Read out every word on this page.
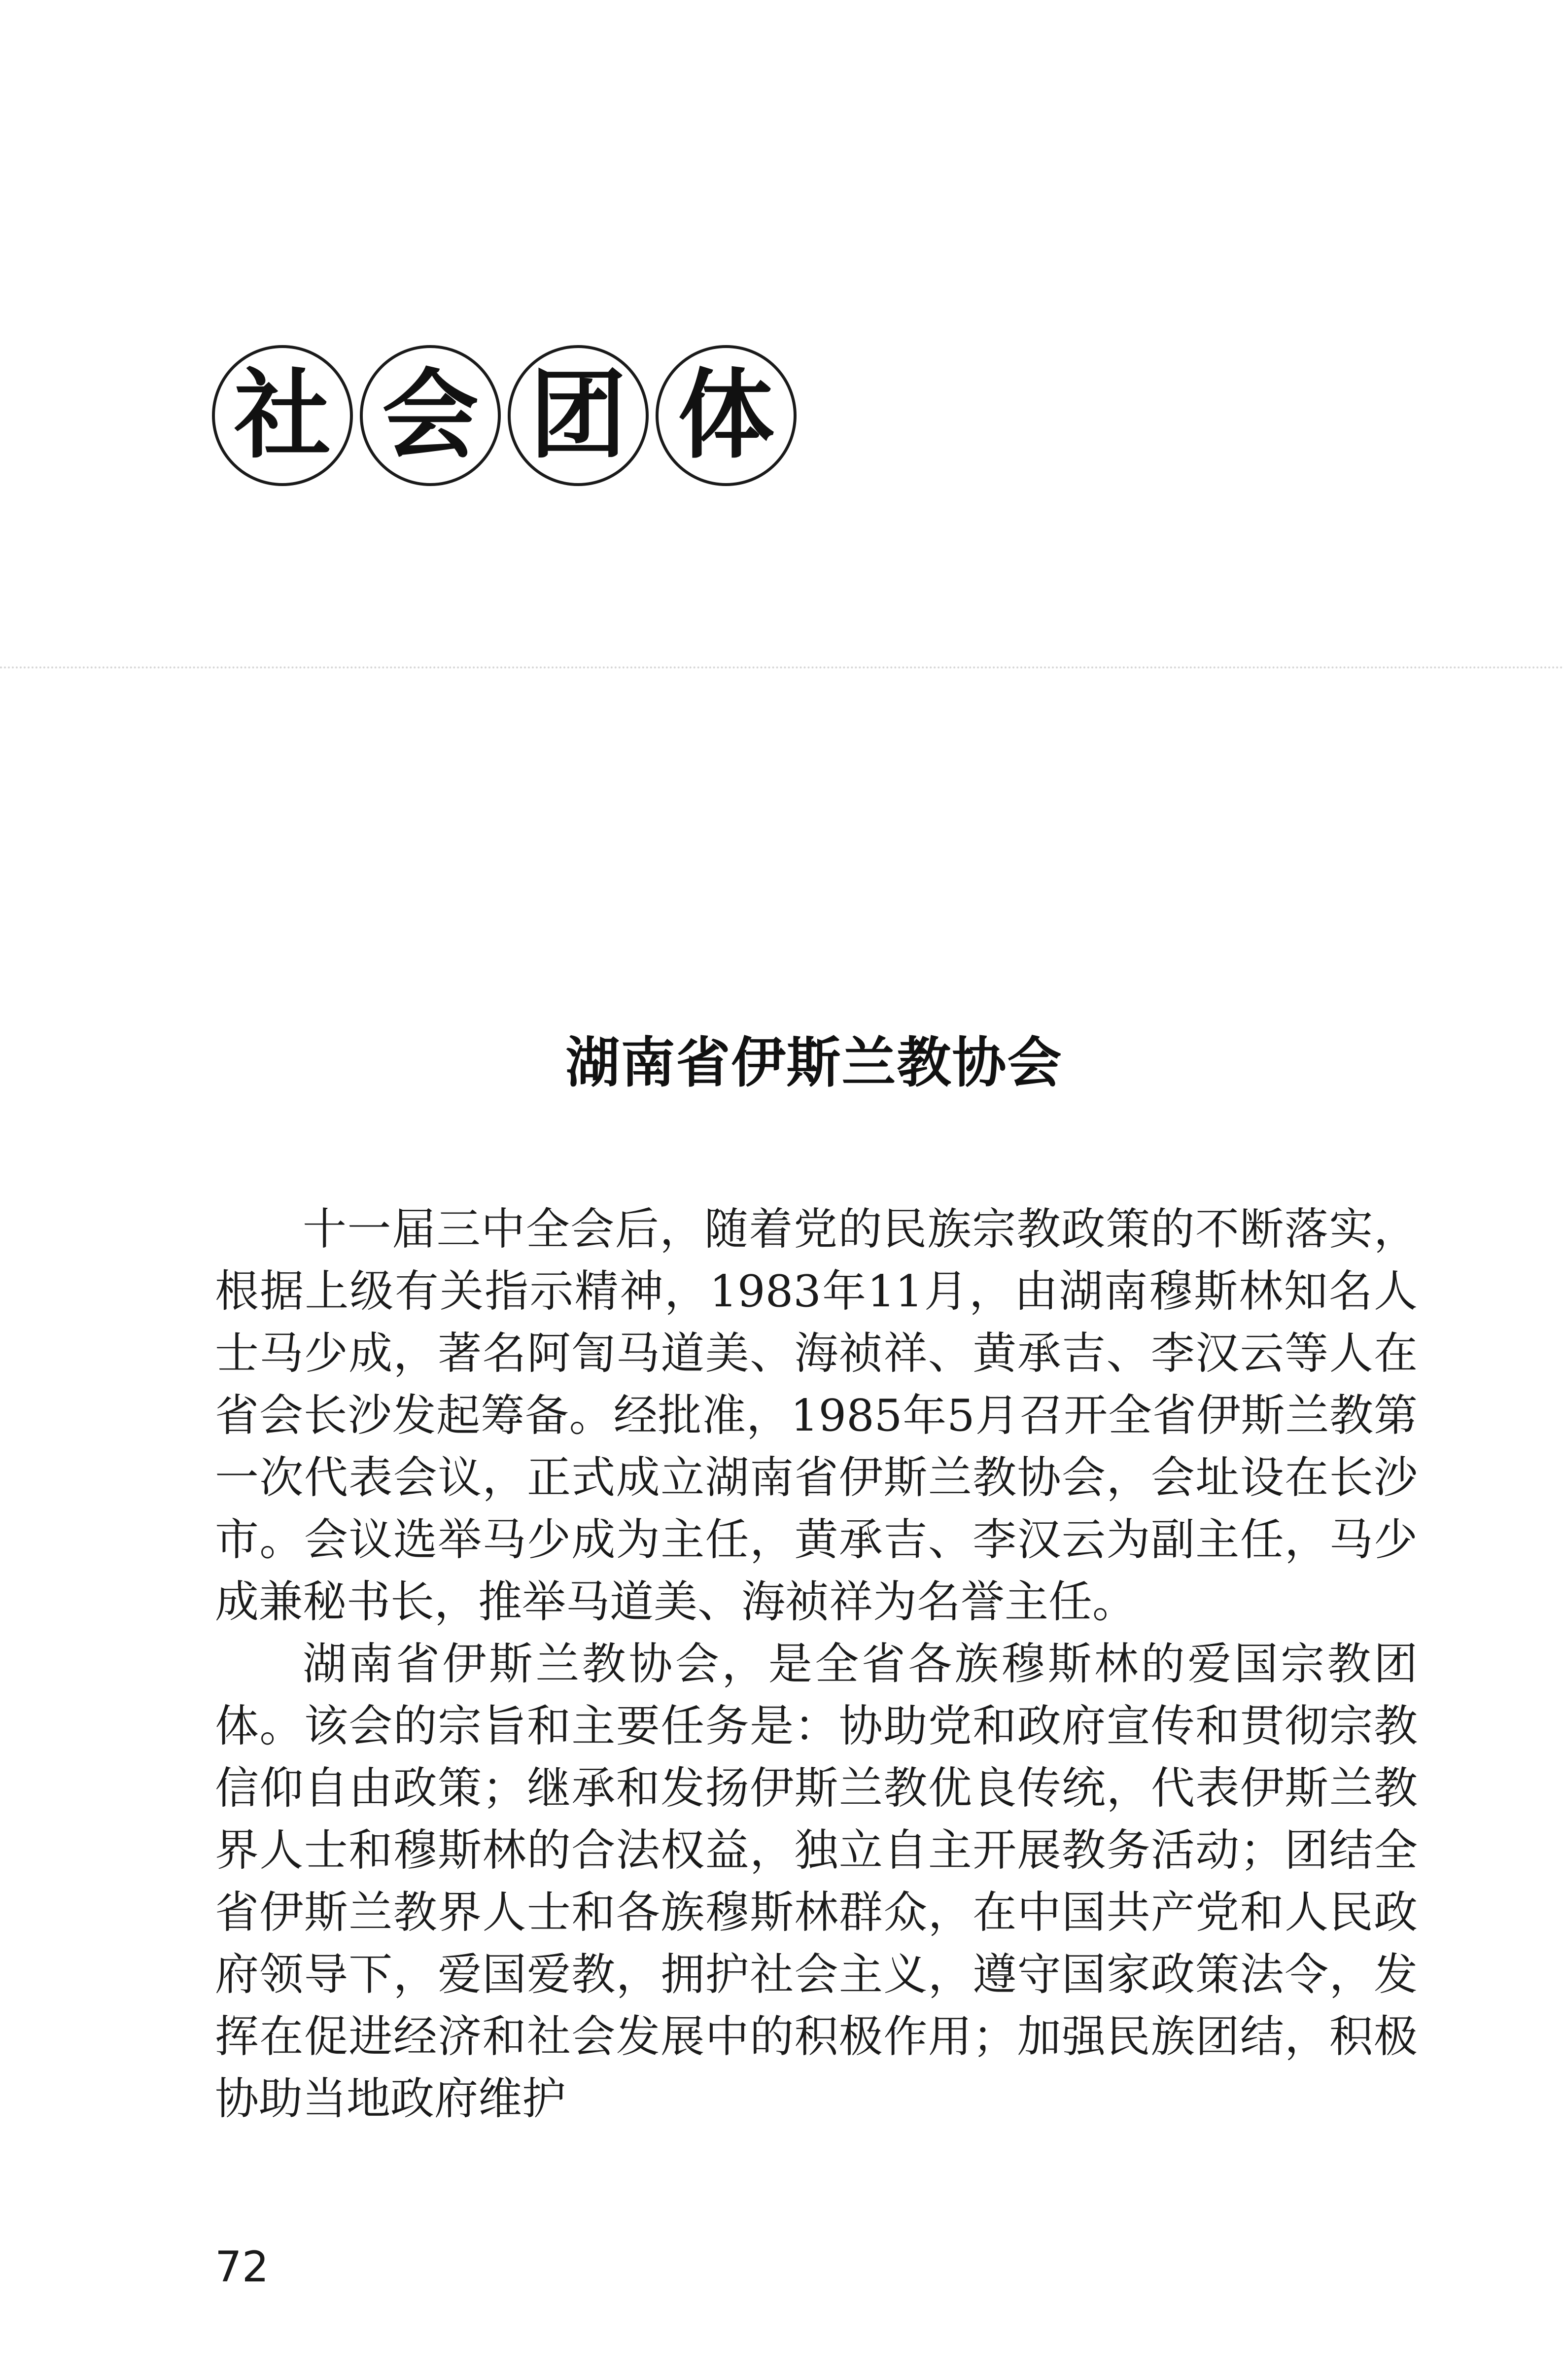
社 会 团 体
湖南省伊斯兰教协会

十一届三中全会后，随着党的民族宗教政策的不断落实，根据上级有关指示精神，1983年11月，由湖南穆斯林知名人士马少成，著名阿訇马道美、海祯祥、黄承吉、李汉云等人在省会长沙发起筹备。经批准，1985年5月召开全省伊斯兰教第一次代表会议，正式成立湖南省伊斯兰教协会，会址设在长沙市。会议选举马少成为主任，黄承吉、李汉云为副主任，马少成兼秘书长，推举马道美、海祯祥为名誉主任。

湖南省伊斯兰教协会，是全省各族穆斯林的爱国宗教团体。该会的宗旨和主要任务是：协助党和政府宣传和贯彻宗教信仰自由政策；继承和发扬伊斯兰教优良传统，代表伊斯兰教界人士和穆斯林的合法权益，独立自主开展教务活动；团结全省伊斯兰教界人士和各族穆斯林群众，在中国共产党和人民政府领导下，爱国爱教，拥护社会主义，遵守国家政策法令，发挥在促进经济和社会发展中的积极作用；加强民族团结，积极协助当地政府维护

72
